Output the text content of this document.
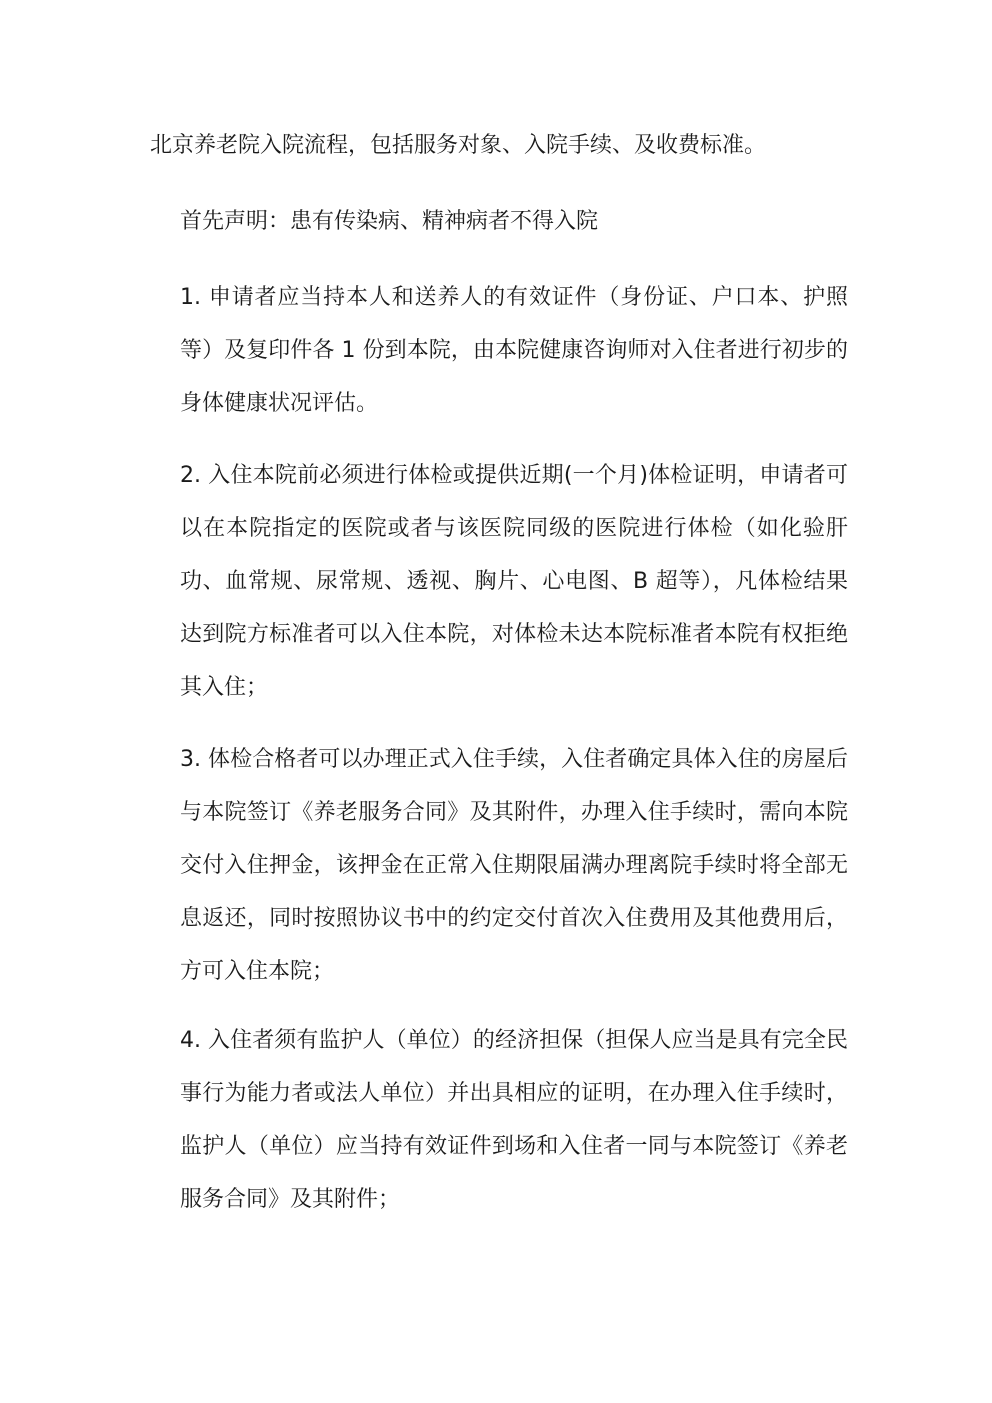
北京养老院入院流程，包括服务对象、入院手续、及收费标准。

首先声明：患有传染病、精神病者不得入院

1. 申请者应当持本人和送养人的有效证件（身份证、户口本、护照等）及复印件各 1 份到本院，由本院健康咨询师对入住者进行初步的身体健康状况评估。

2. 入住本院前必须进行体检或提供近期(一个月)体检证明，申请者可以在本院指定的医院或者与该医院同级的医院进行体检（如化验肝功、血常规、尿常规、透视、胸片、心电图、B 超等），凡体检结果达到院方标准者可以入住本院，对体检未达本院标准者本院有权拒绝其入住；

3. 体检合格者可以办理正式入住手续，入住者确定具体入住的房屋后与本院签订《养老服务合同》及其附件，办理入住手续时，需向本院交付入住押金，该押金在正常入住期限届满办理离院手续时将全部无息返还，同时按照协议书中的约定交付首次入住费用及其他费用后，方可入住本院；

4. 入住者须有监护人（单位）的经济担保（担保人应当是具有完全民事行为能力者或法人单位）并出具相应的证明，在办理入住手续时，监护人（单位）应当持有效证件到场和入住者一同与本院签订《养老服务合同》及其附件；
